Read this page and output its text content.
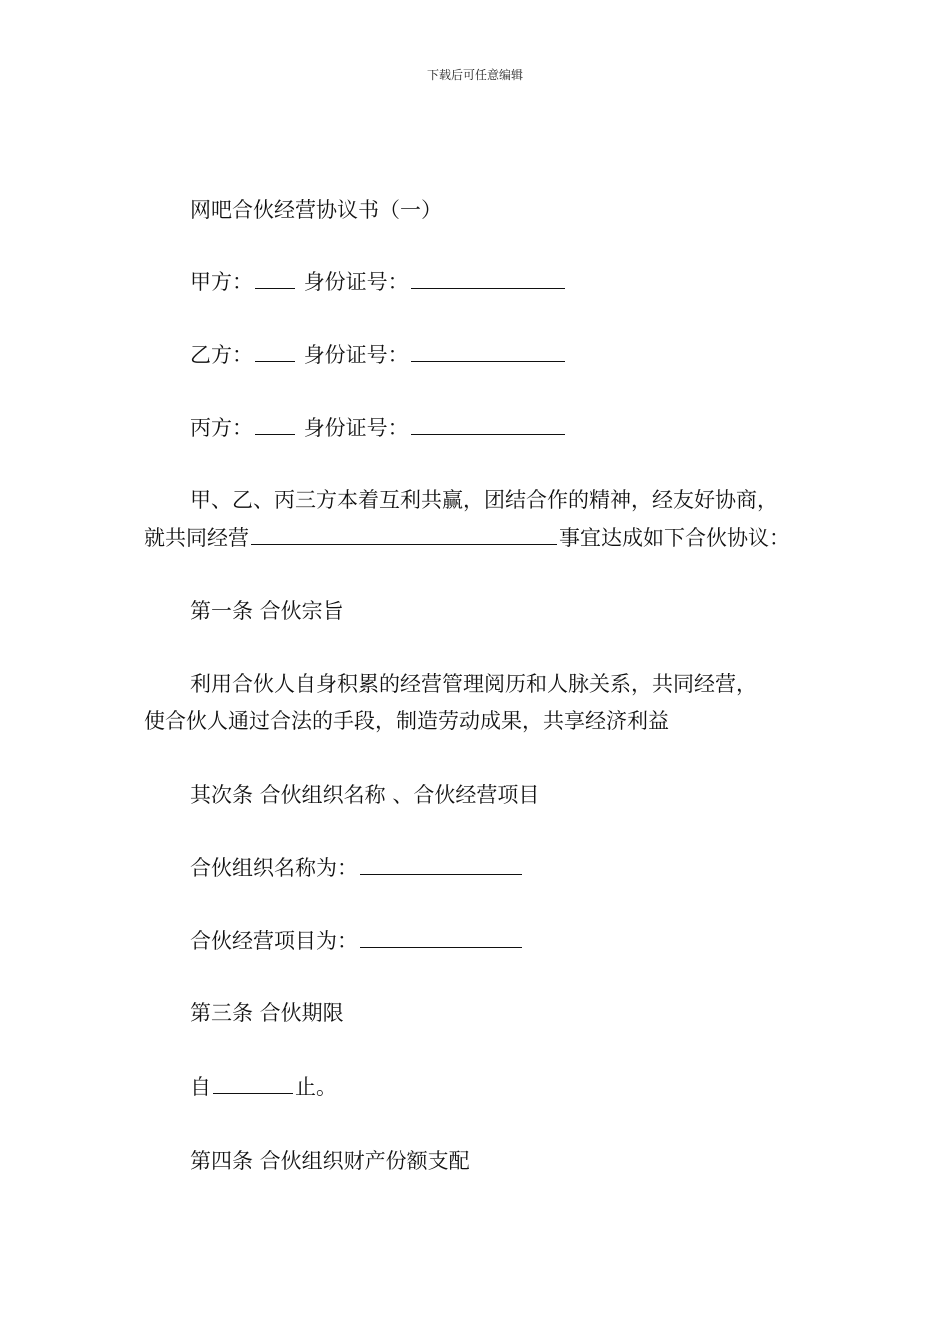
下载后可任意编辑
网吧合伙经营协议书（一）
甲方： 身份证号：
乙方： 身份证号：
丙方： 身份证号：
甲、乙、丙三方本着互利共赢，团结合作的精神，经友好协商，
就共同经营	事宜达成如下合伙协议：
第一条 合伙宗旨
利用合伙人自身积累的经营管理阅历和人脉关系，共同经营，
使合伙人通过合法的手段，制造劳动成果，共享经济利益
其次条 合伙组织名称 、合伙经营项目
合伙组织名称为：
合伙经营项目为：
第三条 合伙期限
自	止。
第四条 合伙组织财产份额支配
